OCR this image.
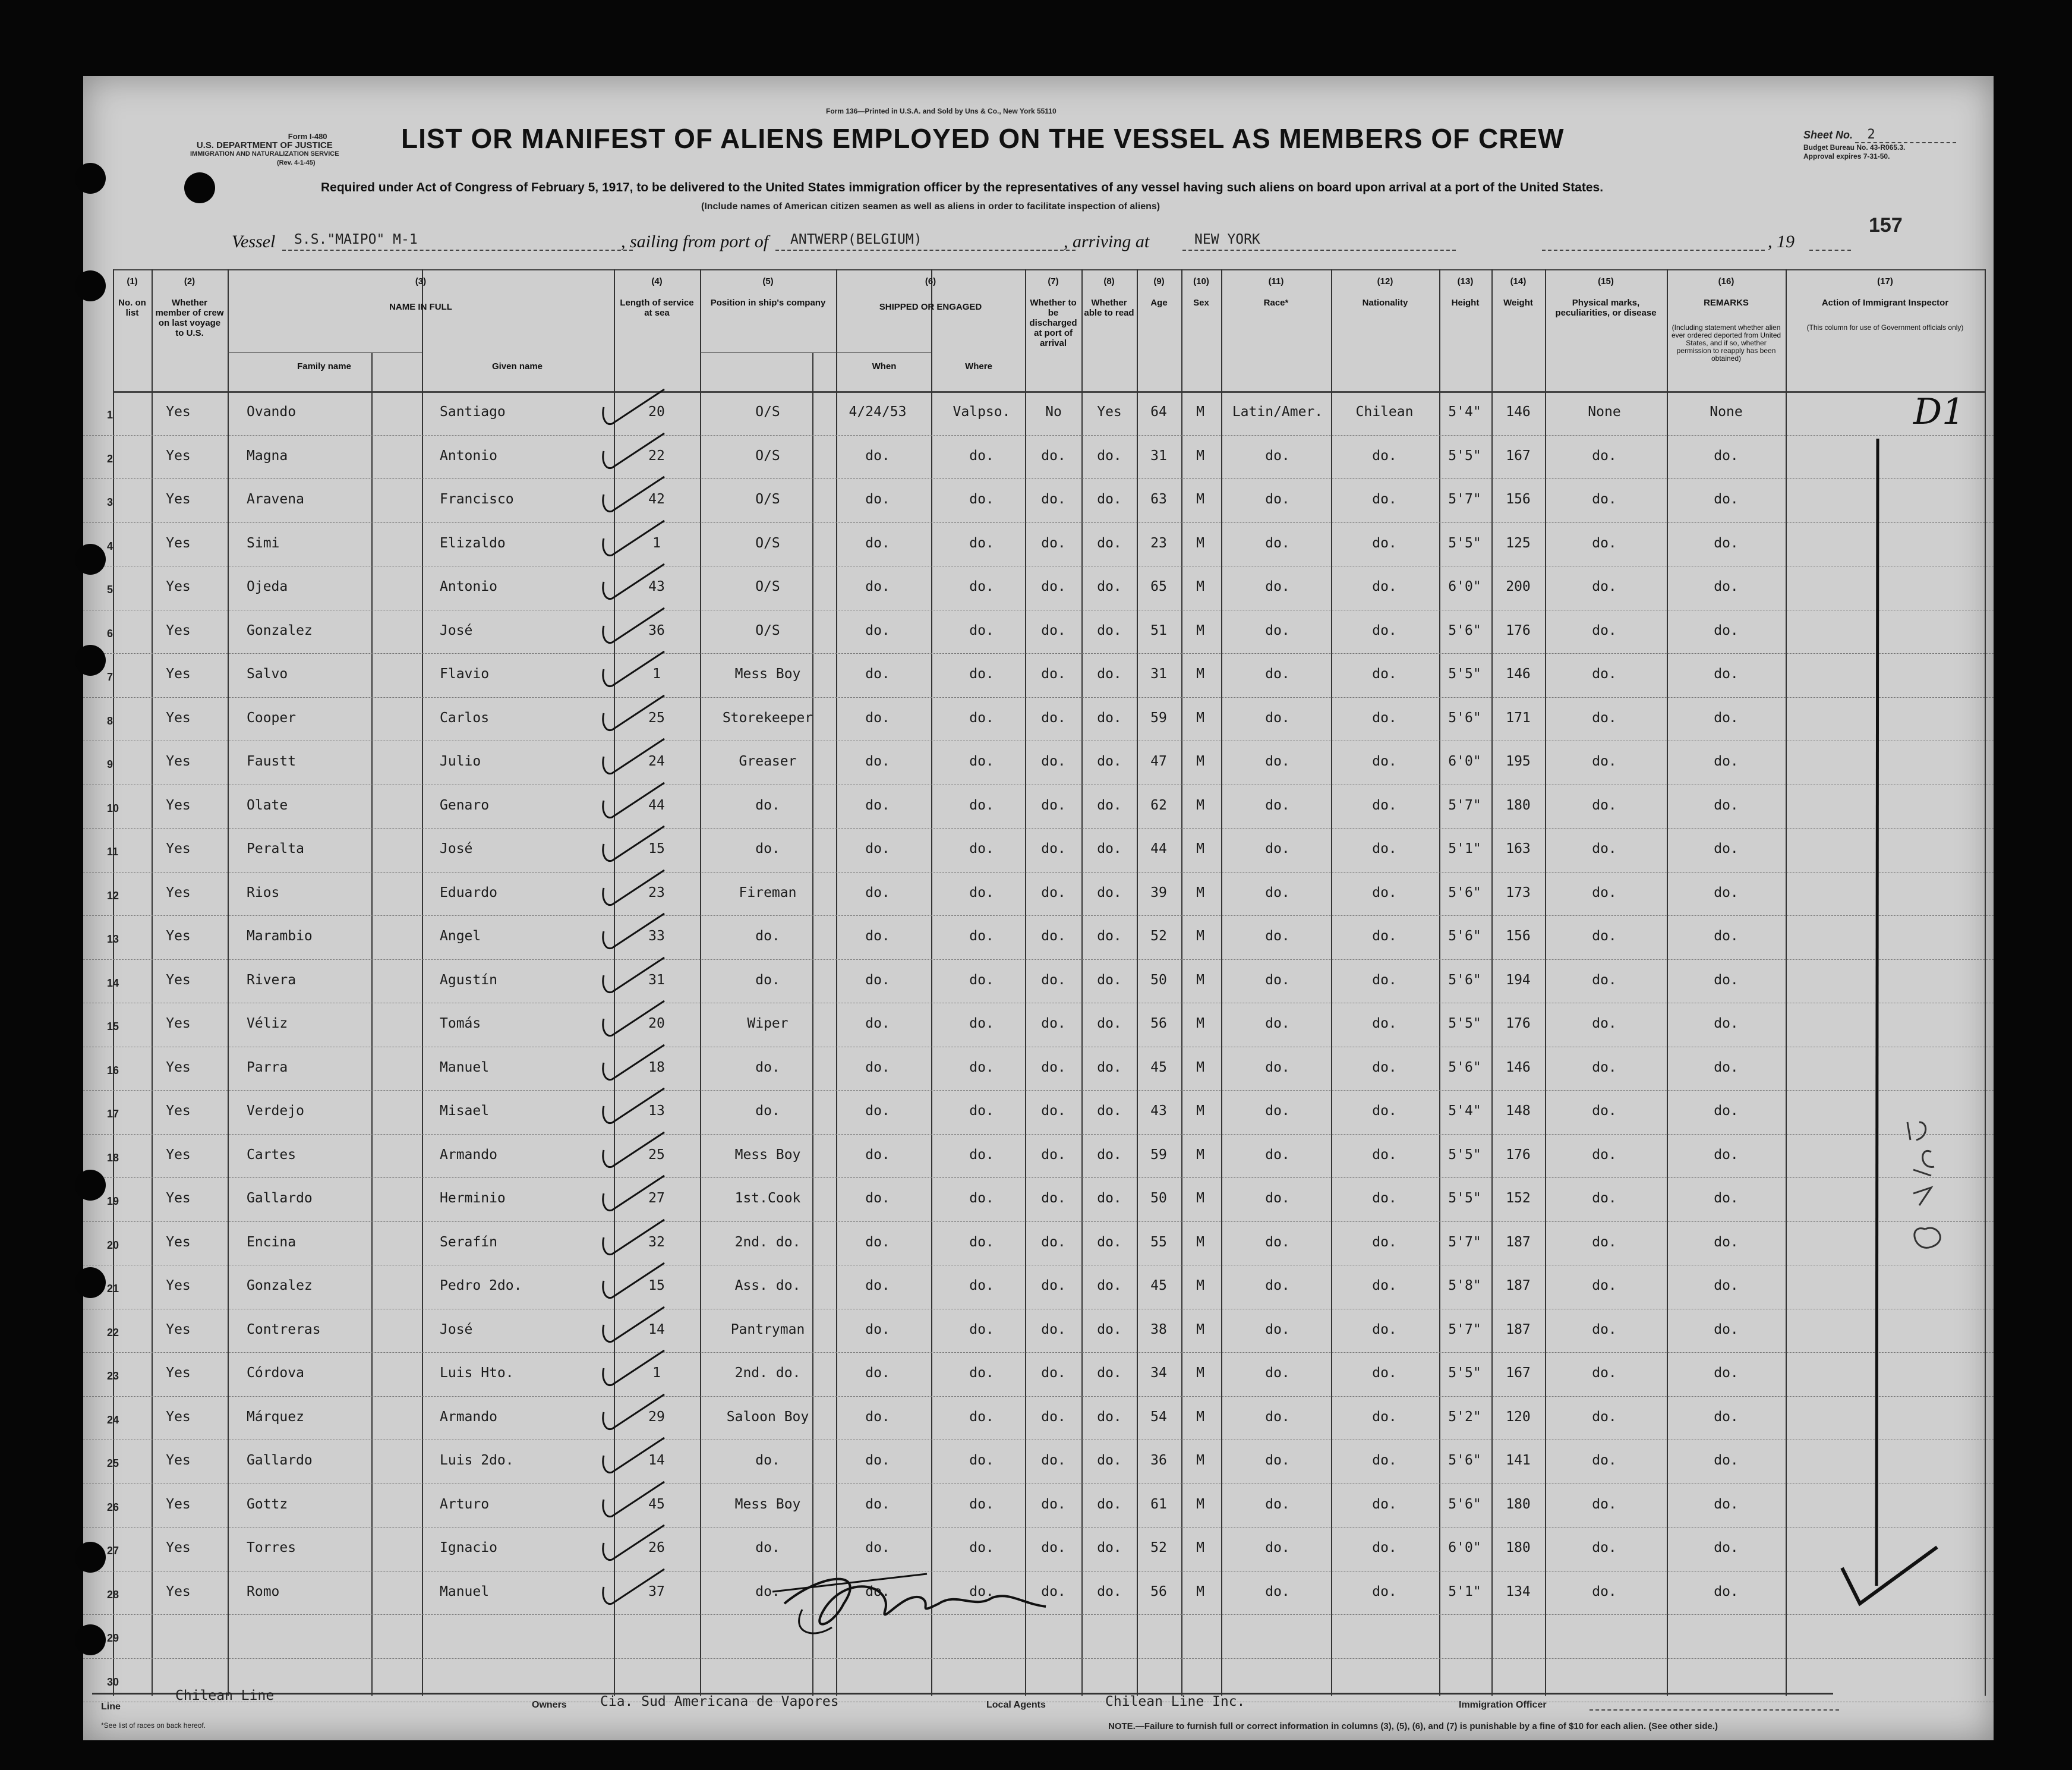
Form I-480
U.S. DEPARTMENT OF JUSTICE
IMMIGRATION AND NATURALIZATION SERVICE
(Rev. 4-1-45)
Form 136—Printed in U.S.A. and Sold by Uns & Co., New York 55110
LIST OR MANIFEST OF ALIENS EMPLOYED ON THE VESSEL AS MEMBERS OF CREW	Sheet No. 2
Budget Bureau No. 43-R065.3.
Approval expires 7-31-50.
Required under Act of Congress of February 5, 1917, to be delivered to the United States immigration officer by the representatives of any vessel having such aliens on board upon arrival at a port of the United States.
(Include names of American citizen seamen as well as aliens in order to facilitate inspection of aliens)
Vessel	S.S."MAIPO" M-1	, sailing from port of	ANTWERP(BELGIUM)	, arriving at	NEW YORK	, 19
157
(1)
No. on list
(2)
Whether member of crew on last voyage to U.S.
(3)
NAME IN FULL
Family name	Given name
(4)
Length of service at sea
(5)
Position in ship's company
(6)
SHIPPED OR ENGAGED
When	Where
(7)
Whether to be discharged at port of arrival
(8)
Whether able to read
(9)
Age
(10)
Sex
(11)
Race*
(12)
Nationality
(13)
Height
(14)
Weight
(15)
Physical marks, peculiarities, or disease
(16)
REMARKS
(Including statement whether alien ever ordered deported from United States, and if so, whether permission to reapply has been obtained)
(17)
Action of Immigrant Inspector
(This column for use of Government officials only)
1	Yes	Ovando	Santiago	20	O/S	4/24/53	Valpso.	No	Yes 64 M Latin/Amer. Chilean	5'4" 146	None	None
2	Yes	Magna	Antonio	22	O/S	do.	do.	do. do. 31 M	do.	do.	5'5" 167	do.	do.
3	Yes	Aravena	Francisco	42	O/S	do.	do.	do. do. 63 M	do.	do.	5'7" 156	do.	do.
4	Yes	Simi	Elizaldo	1	O/S	do.	do.	do. do. 23 M	do.	do.	5'5" 125	do.	do.
5	Yes	Ojeda	Antonio	43	O/S	do.	do.	do. do. 65 M	do.	do.	6'0" 200	do.	do.
6	Yes	Gonzalez	José	36	O/S	do.	do.	do. do. 51 M	do.	do.	5'6" 176	do.	do.
7	Yes	Salvo	Flavio	1	Mess Boy	do.	do.	do. do. 31 M	do.	do.	5'5" 146	do.	do.
8	Yes	Cooper	Carlos	25	Storekeeper	do.	do.	do. do. 59 M	do.	do.	5'6" 171	do.	do.
9	Yes	Faustt	Julio	24	Greaser	do.	do.	do. do. 47 M	do.	do.	6'0" 195	do.	do.
10	Yes	Olate	Genaro	44	do.	do.	do.	do. do. 62 M	do.	do.	5'7" 180	do.	do.
11	Yes	Peralta	José	15	do.	do.	do.	do. do. 44 M	do.	do.	5'1" 163	do.	do.
12	Yes	Rios	Eduardo	23	Fireman	do.	do.	do. do. 39 M	do.	do.	5'6" 173	do.	do.
13	Yes	Marambio	Angel	33	do.	do.	do.	do. do. 52 M	do.	do.	5'6" 156	do.	do.
14	Yes	Rivera	Agustín	31	do.	do.	do.	do. do. 50 M	do.	do.	5'6" 194	do.	do.
15	Yes	Véliz	Tomás	20	Wiper	do.	do.	do. do. 56 M	do.	do.	5'5" 176	do.	do.
16	Yes	Parra	Manuel	18	do.	do.	do.	do. do. 45 M	do.	do.	5'6" 146	do.	do.
17	Yes	Verdejo	Misael	13	do.	do.	do.	do. do. 43 M	do.	do.	5'4" 148	do.	do.
18	Yes	Cartes	Armando	25	Mess Boy	do.	do.	do. do. 59 M	do.	do.	5'5" 176	do.	do.
19	Yes	Gallardo	Herminio	27	1st.Cook	do.	do.	do. do. 50 M	do.	do.	5'5" 152	do.	do.
20	Yes	Encina	Serafín	32	2nd. do.	do.	do.	do. do. 55 M	do.	do.	5'7" 187	do.	do.
21	Yes	Gonzalez	Pedro 2do.	15	Ass. do.	do.	do.	do. do. 45 M	do.	do.	5'8" 187	do.	do.
22	Yes	Contreras	José	14	Pantryman	do.	do.	do. do. 38 M	do.	do.	5'7" 187	do.	do.
23	Yes	Córdova	Luis Hto.	1	2nd. do.	do.	do.	do. do. 34 M	do.	do.	5'5" 167	do.	do.
24	Yes	Márquez	Armando	29	Saloon Boy	do.	do.	do. do. 54 M	do.	do.	5'2" 120	do.	do.
25	Yes	Gallardo	Luis 2do.	14	do.	do.	do.	do. do. 36 M	do.	do.	5'6" 141	do.	do.
26	Yes	Gottz	Arturo	45	Mess Boy	do.	do.	do. do. 61 M	do.	do.	5'6" 180	do.	do.
27	Yes	Torres	Ignacio	26	do.	do.	do.	do. do. 52 M	do.	do.	6'0" 180	do.	do.
28	Yes	Romo	Manuel	37	do.	do.	do.	do. do. 56 M	do.	do.	5'1" 134	do.	do.
29
30
Line
Chilean Line
Owners Cia. Sud Americana de Vapores	Local Agents	Chilean Line Inc.	Immigration Officer
*See list of races on back hereof.	NOTE.—Failure to furnish full or correct information in columns (3), (5), (6), and (7) is punishable by a fine of $10 for each alien. (See other side.)
D1
